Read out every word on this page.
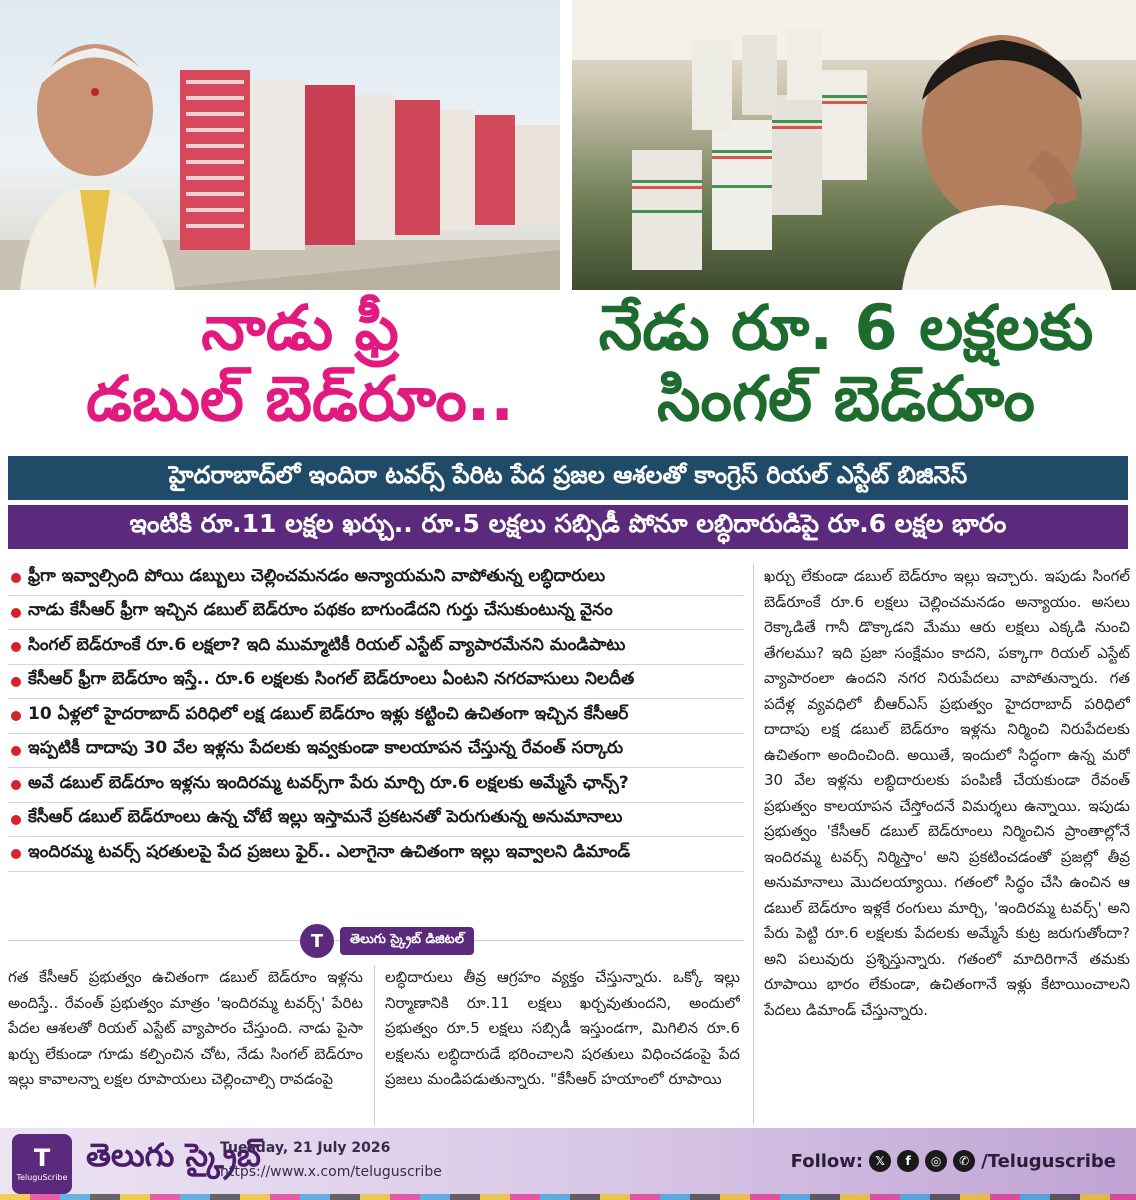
నాడు ఫ్రీ
డబుల్ బెడ్‌రూం..
నేడు రూ. 6 లక్షలకు
సింగల్ బెడ్‌రూం
హైదరాబాద్‌లో ఇందిరా టవర్స్ పేరిట పేద ప్రజల ఆశలతో కాంగ్రెస్ రియల్ ఎస్టేట్ బిజినెస్
ఇంటికి రూ.11 లక్షల ఖర్చు.. రూ.5 లక్షలు సబ్సిడీ పోనూ లబ్ధిదారుడిపై రూ.6 లక్షల భారం
ఫ్రీగా ఇవ్వాల్సింది పోయి డబ్బులు చెల్లించమనడం అన్యాయమని వాపోతున్న లబ్ధిదారులు
నాడు కేసీఆర్ ఫ్రీగా ఇచ్చిన డబుల్ బెడ్‌రూం పథకం బాగుండేదని గుర్తు చేసుకుంటున్న వైనం
సింగల్ బెడ్‌రూంకే రూ.6 లక్షలా? ఇది ముమ్మాటికీ రియల్ ఎస్టేట్ వ్యాపారమేనని మండిపాటు
కేసీఆర్ ఫ్రీగా బెడ్‌రూం ఇస్తే.. రూ.6 లక్షలకు సింగల్ బెడ్‌రూంలు ఏంటని నగరవాసులు నిలదీత
10 ఏళ్లలో హైదరాబాద్ పరిధిలో లక్ష డబుల్ బెడ్‌రూం ఇళ్లు కట్టించి ఉచితంగా ఇచ్చిన కేసీఆర్
ఇప్పటికీ దాదాపు 30 వేల ఇళ్లను పేదలకు ఇవ్వకుండా కాలయాపన చేస్తున్న రేవంత్ సర్కారు
అవే డబుల్ బెడ్‌రూం ఇళ్లను ఇందిరమ్మ టవర్స్‌గా పేరు మార్చి రూ.6 లక్షలకు అమ్మేసే ఛాన్స్?
కేసీఆర్ డబుల్ బెడ్‌రూంలు ఉన్న చోటే ఇల్లు ఇస్తామనే ప్రకటనతో పెరుగుతున్న అనుమానాలు
ఇందిరమ్మ టవర్స్ షరతులపై పేద ప్రజలు ఫైర్.. ఎలాగైనా ఉచితంగా ఇల్లు ఇవ్వాలని డిమాండ్
T	తెలుగు స్క్రైబ్ డిజిటల్
గత కేసీఆర్ ప్రభుత్వం ఉచితంగా డబుల్ బెడ్‌రూం ఇళ్లను అందిస్తే.. రేవంత్ ప్రభుత్వం మాత్రం 'ఇందిరమ్మ టవర్స్' పేరిట పేదల ఆశలతో రియల్ ఎస్టేట్ వ్యాపారం చేస్తుంది. నాడు పైసా ఖర్చు లేకుండా గూడు కల్పించిన చోట, నేడు సింగల్ బెడ్‌రూం ఇల్లు కావాలన్నా లక్షల రూపాయలు చెల్లించాల్సి రావడంపై
లబ్ధిదారులు తీవ్ర ఆగ్రహం వ్యక్తం చేస్తున్నారు. ఒక్కో ఇల్లు నిర్మాణానికి రూ.11 లక్షలు ఖర్చవుతుందని, అందులో ప్రభుత్వం రూ.5 లక్షలు సబ్సిడీ ఇస్తుండగా, మిగిలిన రూ.6 లక్షలను లబ్ధిదారుడే భరించాలని షరతులు విధించడంపై పేద ప్రజలు మండిపడుతున్నారు. "కేసీఆర్ హయాంలో రూపాయి
ఖర్చు లేకుండా డబుల్ బెడ్‌రూం ఇల్లు ఇచ్చారు. ఇపుడు సింగల్ బెడ్‌రూంకే రూ.6 లక్షలు చెల్లించమనడం అన్యాయం. అసలు రెక్కాడితే గానీ డొక్కాడని మేము ఆరు లక్షలు ఎక్కడి నుంచి తేగలము? ఇది ప్రజా సంక్షేమం కాదని, పక్కాగా రియల్ ఎస్టేట్ వ్యాపారంలా ఉందని నగర నిరుపేదలు వాపోతున్నారు. గత పదేళ్ల వ్యవధిలో బీఆర్ఎస్ ప్రభుత్వం హైదరాబాద్ పరిధిలో దాదాపు లక్ష డబుల్ బెడ్‌రూం ఇళ్లను నిర్మించి నిరుపేదలకు ఉచితంగా అందించింది. అయితే, ఇందులో సిద్ధంగా ఉన్న మరో 30 వేల ఇళ్లను లబ్ధిదారులకు పంపిణీ చేయకుండా రేవంత్ ప్రభుత్వం కాలయాపన చేస్తోందనే విమర్శలు ఉన్నాయి. ఇపుడు ప్రభుత్వం 'కేసీఆర్ డబుల్ బెడ్‌రూంలు నిర్మించిన ప్రాంతాల్లోనే ఇందిరమ్మ టవర్స్ నిర్మిస్తాం' అని ప్రకటించడంతో ప్రజల్లో తీవ్ర అనుమానాలు మొదలయ్యాయి. గతంలో సిద్ధం చేసి ఉంచిన ఆ డబుల్ బెడ్‌రూం ఇళ్లకే రంగులు మార్చి, 'ఇందిరమ్మ టవర్స్' అని పేరు పెట్టి రూ.6 లక్షలకు పేదలకు అమ్మేసే కుట్ర జరుగుతోందా? అని పలువురు ప్రశ్నిస్తున్నారు. గతంలో మాదిరిగానే తమకు రూపాయి భారం లేకుండా, ఉచితంగానే ఇళ్లు కేటాయించాలని పేదలు డిమాండ్ చేస్తున్నారు.
T
TeluguScribe
తెలుగు స్క్రైబ్
Tuesday, 21 July 2026
https://www.x.com/teluguscribe
Follow:	𝕏	f	◎	✆ /Teluguscribe
